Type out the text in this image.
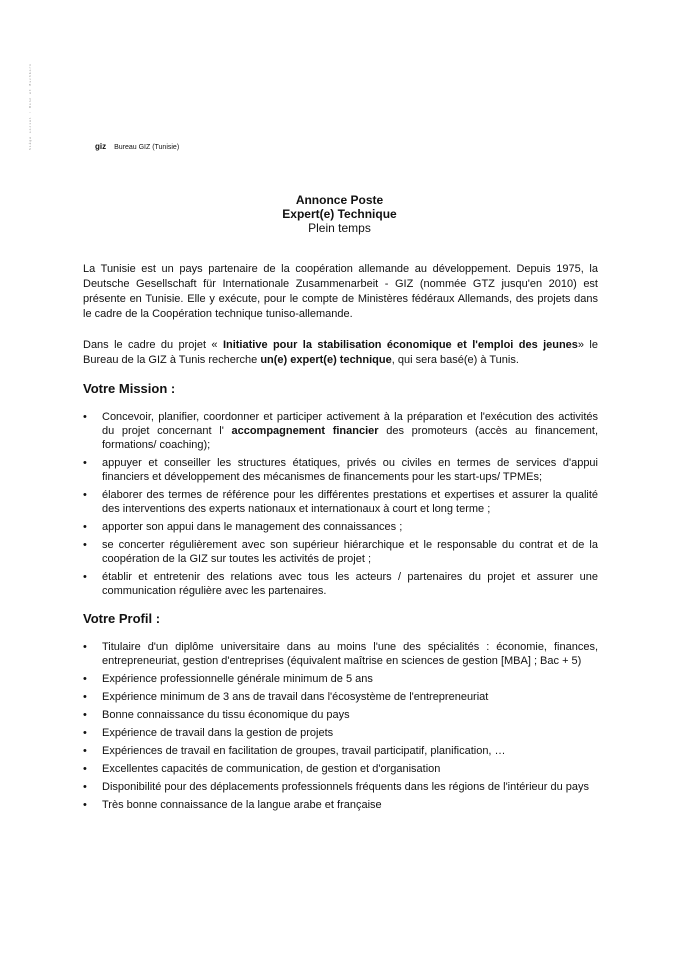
Siège social : Bonn et Eschborn	giz Bureau GIZ (Tunisie)
Annonce Poste
Expert(e) Technique
Plein temps
La Tunisie est un pays partenaire de la coopération allemande au développement. Depuis 1975, la Deutsche Gesellschaft für Internationale Zusammenarbeit - GIZ (nommée GTZ jusqu'en 2010) est présente en Tunisie. Elle y exécute, pour le compte de Ministères fédéraux Allemands, des projets dans le cadre de la Coopération technique tuniso-allemande.
Dans le cadre du projet « Initiative pour la stabilisation économique et l'emploi des jeunes» le Bureau de la GIZ à Tunis recherche un(e) expert(e) technique, qui sera basé(e) à Tunis.
Votre Mission :
• Concevoir, planifier, coordonner et participer activement à la préparation et l'exécution des activités du projet concernant l' accompagnement financier des promoteurs (accès au financement, formations/ coaching);
• appuyer et conseiller les structures étatiques, privés ou civiles en termes de services d'appui financiers et développement des mécanismes de financements pour les start-ups/ TPMEs;
• élaborer des termes de référence pour les différentes prestations et expertises et assurer la qualité des interventions des experts nationaux et internationaux à court et long terme ;
• apporter son appui dans le management des connaissances ;
• se concerter régulièrement avec son supérieur hiérarchique et le responsable du contrat et de la coopération de la GIZ sur toutes les activités de projet ;
• établir et entretenir des relations avec tous les acteurs / partenaires du projet et assurer une communication régulière avec les partenaires.
Votre Profil :
• Titulaire d'un diplôme universitaire dans au moins l'une des spécialités : économie, finances, entrepreneuriat, gestion d'entreprises (équivalent maîtrise en sciences de gestion [MBA] ; Bac + 5)
• Expérience professionnelle générale minimum de 5 ans
• Expérience minimum de 3 ans de travail dans l'écosystème de l'entrepreneuriat
• Bonne connaissance du tissu économique du pays
• Expérience de travail dans la gestion de projets
• Expériences de travail en facilitation de groupes, travail participatif, planification, …
• Excellentes capacités de communication, de gestion et d'organisation
• Disponibilité pour des déplacements professionnels fréquents dans les régions de l'intérieur du pays
• Très bonne connaissance de la langue arabe et française
